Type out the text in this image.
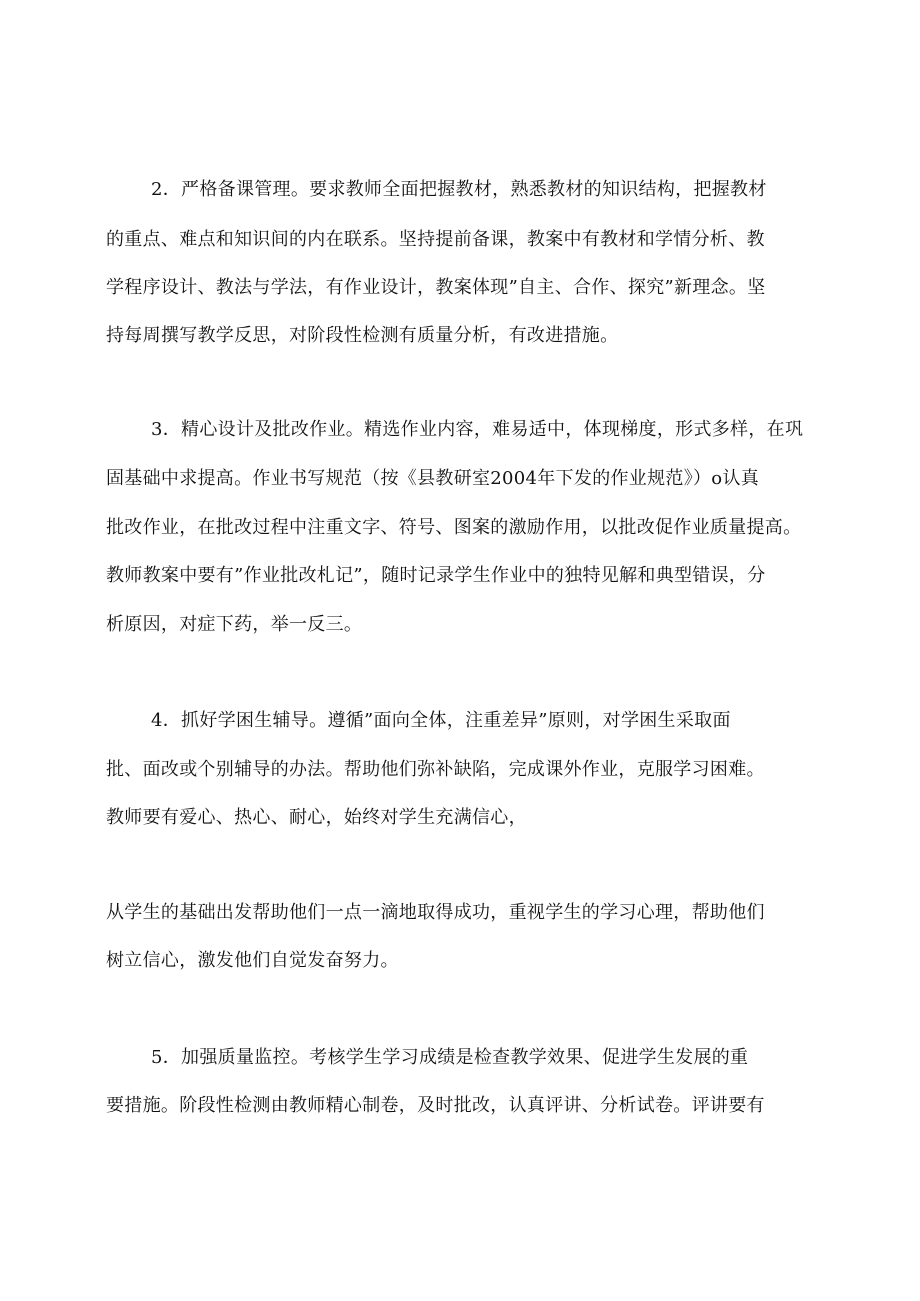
2．严格备课管理。要求教师全面把握教材，熟悉教材的知识结构，把握教材
的重点、难点和知识间的内在联系。坚持提前备课，教案中有教材和学情分析、教
学程序设计、教法与学法，有作业设计，教案体现”自主、合作、探究”新理念。坚
持每周撰写教学反思，对阶段性检测有质量分析，有改进措施。
3．精心设计及批改作业。精选作业内容，难易适中，体现梯度，形式多样，在巩
固基础中求提高。作业书写规范（按《县教研室2004年下发的作业规范》）o认真
批改作业，在批改过程中注重文字、符号、图案的激励作用，以批改促作业质量提高。
教师教案中要有”作业批改札记”，随时记录学生作业中的独特见解和典型错误，分
析原因，对症下药，举一反三。
4．抓好学困生辅导。遵循”面向全体，注重差异”原则，对学困生采取面
批、面改或个别辅导的办法。帮助他们弥补缺陷，完成课外作业，克服学习困难。
教师要有爱心、热心、耐心，始终对学生充满信心，
从学生的基础出发帮助他们一点一滴地取得成功，重视学生的学习心理，帮助他们
树立信心，激发他们自觉发奋努力。
5．加强质量监控。考核学生学习成绩是检查教学效果、促进学生发展的重
要措施。阶段性检测由教师精心制卷，及时批改，认真评讲、分析试卷。评讲要有
